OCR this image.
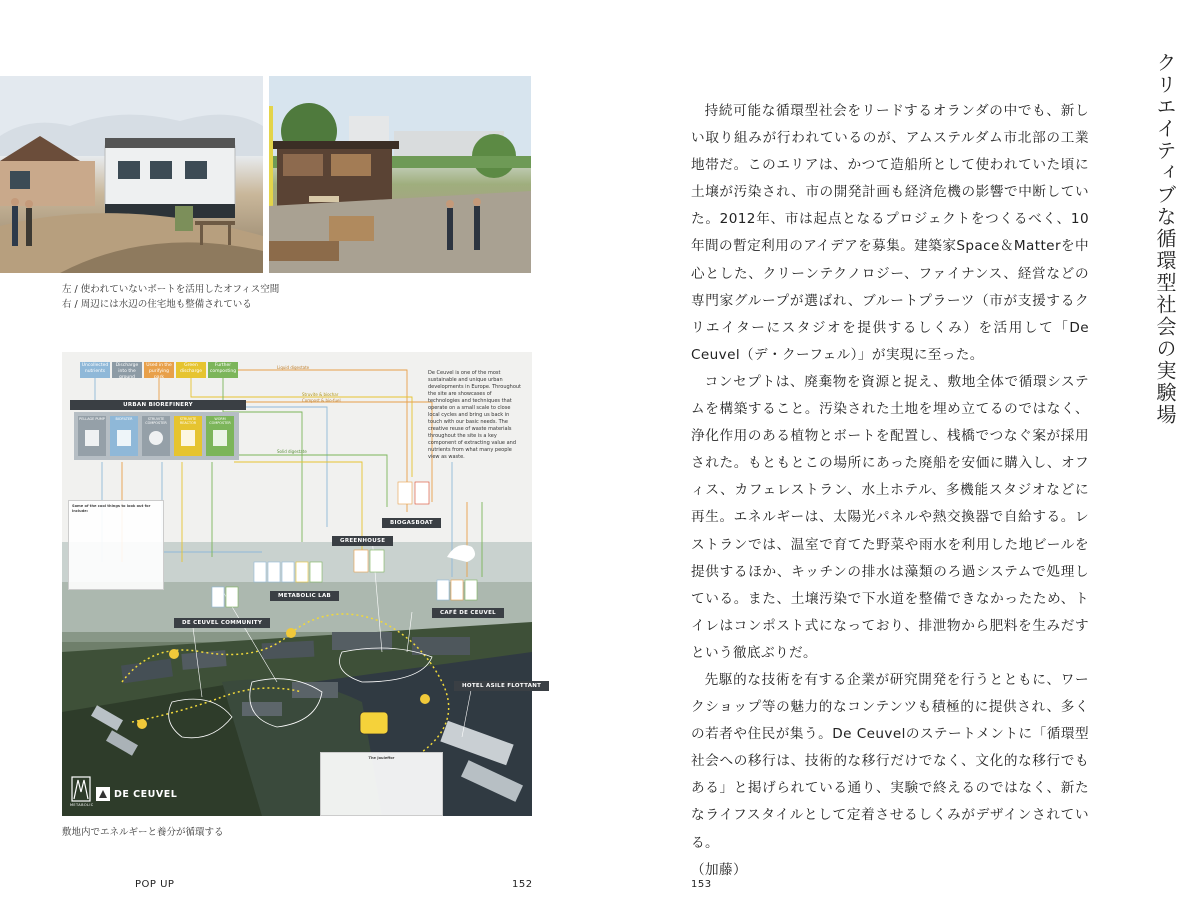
左 / 使われていないボートを活用したオフィス空間
右 / 周辺には水辺の住宅地も整備されている
Uncollected nutrients
Discharge into the ground
Used in the purifying park
Green discharge
Further composting
Liquid digestate
Struvite & biochar
Compost & bio-fuel
Solid digestate
URBAN BIOREFINERY
PELLAGE PUMP	BIOFILTER	STRUVITE COMPOSTER
STRUVITE REACTOR
WORM COMPOSTER
De Ceuvel is one of the most sustainable and unique urban developments in Europe. Throughout the site are showcases of technologies and techniques that operate on a small scale to close local cycles and bring us back in touch with our basic needs. The creative reuse of waste materials throughout the site is a key component of extracting value and nutrients from what many people view as waste.
Some of the cool things to look out for include:
BIOGASBOAT
GREENHOUSE
METABOLIC LAB
DE CEUVEL COMMUNITY
CAFÉ DE CEUVEL
HOTEL ASILE FLOTTANT
The Jouleffor
METABOLIC
DE CEUVEL
敷地内でエネルギーと養分が循環する
POP UP	152

持続可能な循環型社会をリードするオランダの中でも、新しい取り組みが行われているのが、アムステルダム市北部の工業地帯だ。このエリアは、かつて造船所として使われていた頃に土壌が汚染され、市の開発計画も経済危機の影響で中断していた。2012年、市は起点となるプロジェクトをつくるべく、10年間の暫定利用のアイデアを募集。建築家Space＆Matterを中心とした、クリーンテクノロジー、ファイナンス、経営などの専門家グループが選ばれ、ブルートプラーツ（市が支援するクリエイターにスタジオを提供するしくみ）を活用して「De Ceuvel（デ・クーフェル）」が実現に至った。

コンセプトは、廃棄物を資源と捉え、敷地全体で循環システムを構築すること。汚染された土地を埋め立てるのではなく、浄化作用のある植物とボートを配置し、桟橋でつなぐ案が採用された。もともとこの場所にあった廃船を安価に購入し、オフィス、カフェレストラン、水上ホテル、多機能スタジオなどに再生。エネルギーは、太陽光パネルや熱交換器で自給する。レストランでは、温室で育てた野菜や雨水を利用した地ビールを提供するほか、キッチンの排水は藻類のろ過システムで処理している。また、土壌汚染で下水道を整備できなかったため、トイレはコンポスト式になっており、排泄物から肥料を生みだすという徹底ぶりだ。

先駆的な技術を有する企業が研究開発を行うとともに、ワークショップ等の魅力的なコンテンツも積極的に提供され、多くの若者や住民が集う。De Ceuvelのステートメントに「循環型社会への移行は、技術的な移行だけでなく、文化的な移行でもある」と掲げられている通り、実験で終えるのではなく、新たなライフスタイルとして定着させるしくみがデザインされている。

（加藤）

クリエイティブな循環型社会の実験場
153
